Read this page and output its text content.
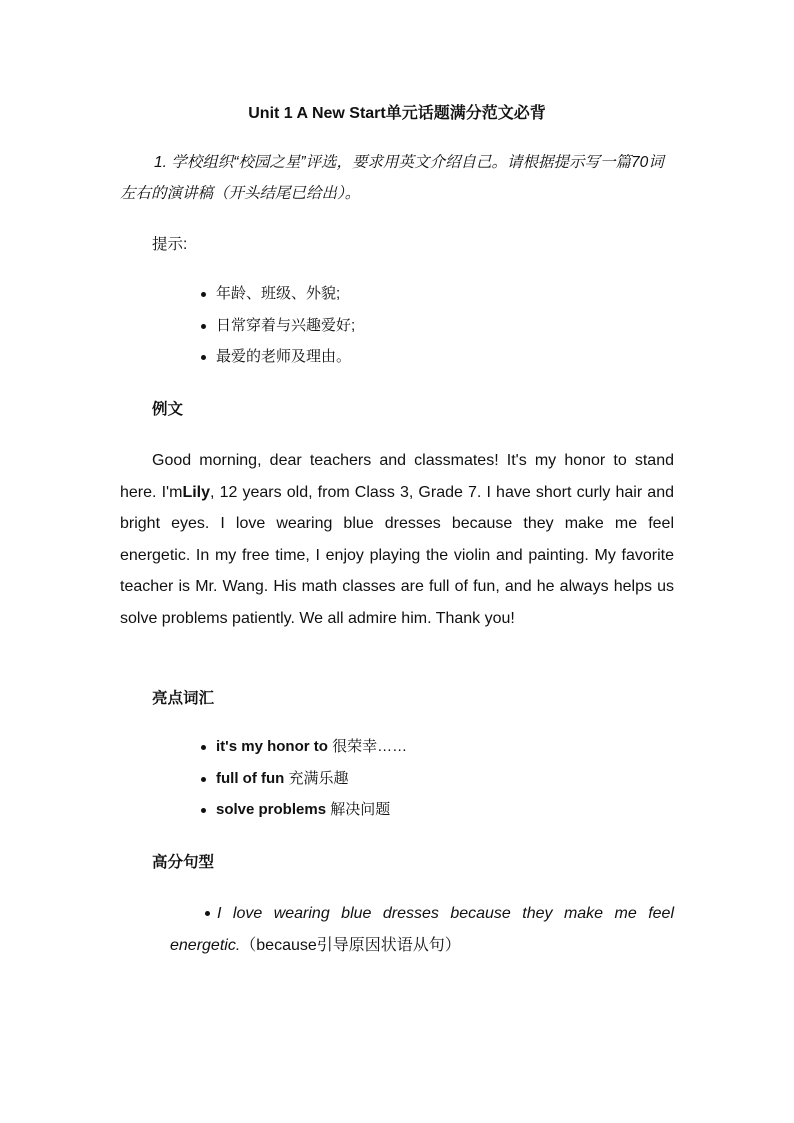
Unit 1 A New Start单元话题满分范文必背
1. 学校组织“校园之星”评选，要求用英文介绍自己。请根据提示写一篇70词左右的演讲稿（开头结尾已给出）。
提示:
年龄、班级、外貌;
日常穿着与兴趣爱好;
最爱的老师及理由。
例文
Good morning, dear teachers and classmates! It's my honor to stand here. I'mLily, 12 years old, from Class 3, Grade 7. I have short curly hair and bright eyes. I love wearing blue dresses because they make me feel energetic. In my free time, I enjoy playing the violin and painting. My favorite teacher is Mr. Wang. His math classes are full of fun, and he always helps us solve problems patiently. We all admire him. Thank you!
亮点词汇
it's my honor to 很荣幸……
full of fun 充满乐趣
solve problems 解决问题
高分句型
I love wearing blue dresses because they make me feel energetic.（because引导原因状语从句）
